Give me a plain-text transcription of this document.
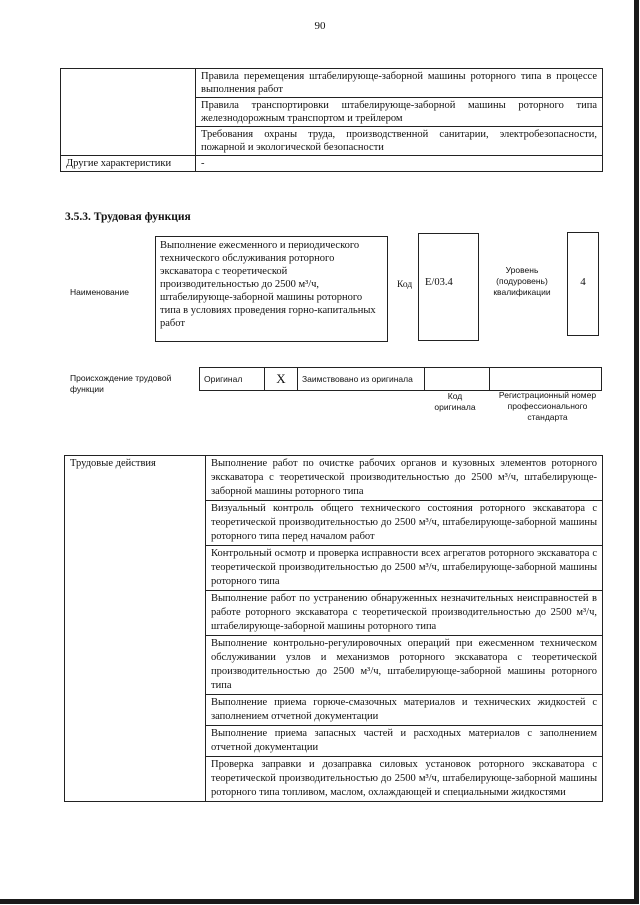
90
	Правила перемещения штабелирующе-заборной машины роторного типа в процессе выполнения работ
	Правила транспортировки штабелирующе-заборной машины роторного типа железнодорожным транспортом и трейлером
	Требования охраны труда, производственной санитарии, электробезопасности, пожарной и экологической безопасности
Другие характеристики	-
3.5.3. Трудовая функция
Наименование
Выполнение ежесменного и периодического технического обслуживания роторного экскаватора с теоретической производительностью до 2500 м³/ч, штабелирующе-заборной машины роторного типа в условиях проведения горно-капитальных работ
Код	E/03.4
Уровень (подуровень) квалификации
4
Происхождение трудовой функции
Оригинал	X	Заимствовано из оригинала		
Код оригинала
Регистрационный номер профессионального стандарта
Трудовые действия	Выполнение работ по очистке рабочих органов и кузовных элементов роторного экскаватора с теоретической производительностью до 2500 м³/ч, штабелирующе-заборной машины роторного типа
Визуальный контроль общего технического состояния роторного экскаватора с теоретической производительностью до 2500 м³/ч, штабелирующе-заборной машины роторного типа перед началом работ
Контрольный осмотр и проверка исправности всех агрегатов роторного экскаватора с теоретической производительностью до 2500 м³/ч, штабелирующе-заборной машины роторного типа
Выполнение работ по устранению обнаруженных незначительных неисправностей в работе роторного экскаватора с теоретической производительностью до 2500 м³/ч, штабелирующе-заборной машины роторного типа
Выполнение контрольно-регулировочных операций при ежесменном техническом обслуживании узлов и механизмов роторного экскаватора с теоретической производительностью до 2500 м³/ч, штабелирующе-заборной машины роторного типа
Выполнение приема горюче-смазочных материалов и технических жидкостей с заполнением отчетной документации
Выполнение приема запасных частей и расходных материалов с заполнением отчетной документации
Проверка заправки и дозаправка силовых установок роторного экскаватора с теоретической производительностью до 2500 м³/ч, штабелирующе-заборной машины роторного типа топливом, маслом, охлаждающей и специальными жидкостями
